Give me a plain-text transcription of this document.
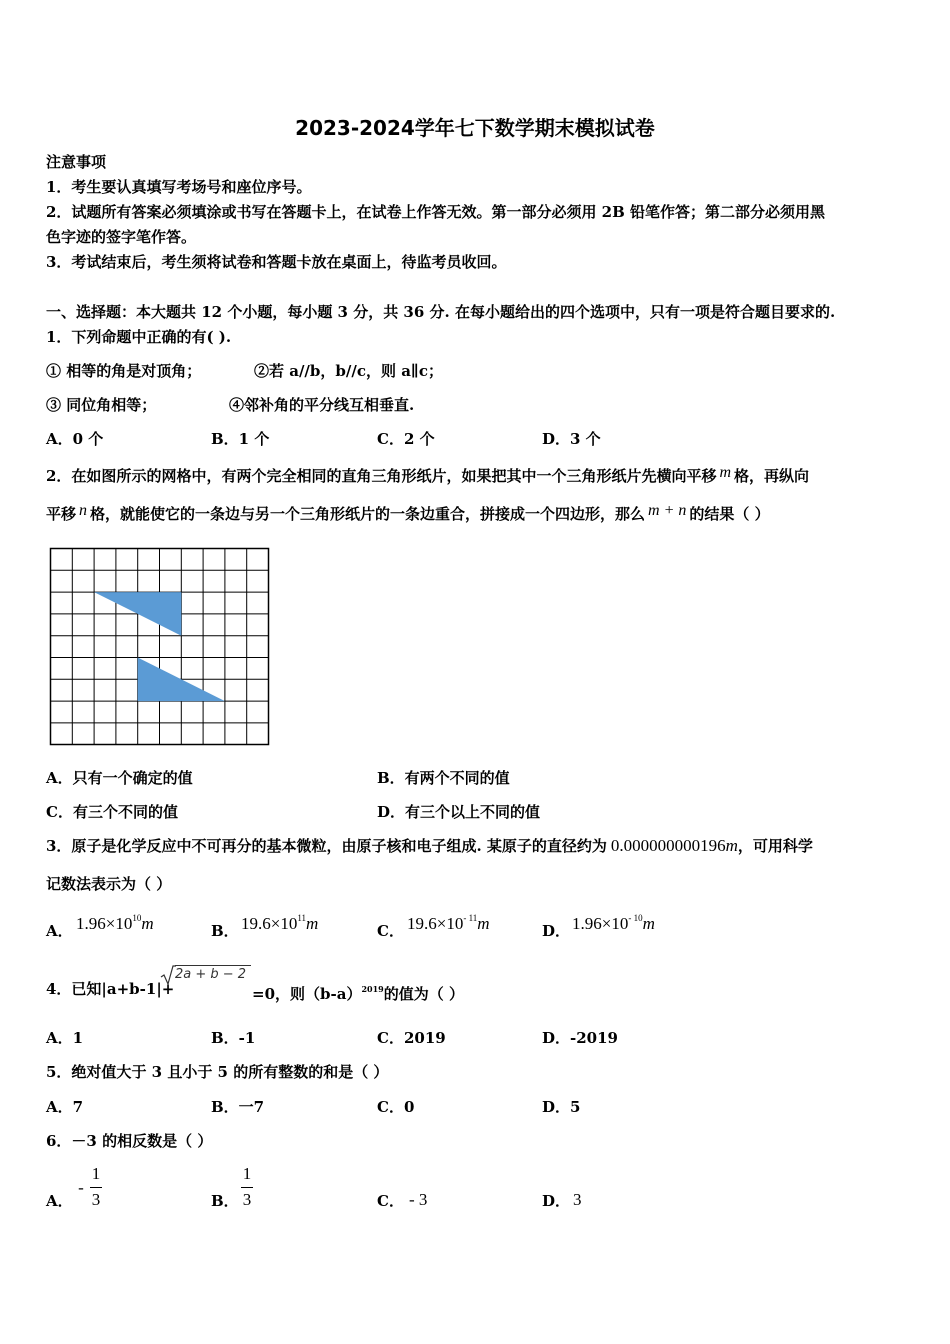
2023-2024学年七下数学期末模拟试卷
注意事项
1．考生要认真填写考场号和座位序号。
2．试题所有答案必须填涂或书写在答题卡上，在试卷上作答无效。第一部分必须用 2B 铅笔作答；第二部分必须用黑
色字迹的签字笔作答。
3．考试结束后，考生须将试卷和答题卡放在桌面上，待监考员收回。
一、选择题：本大题共 12 个小题，每小题 3 分，共 36 分. 在每小题给出的四个选项中，只有一项是符合题目要求的.
1．下列命题中正确的有( ).
① 相等的角是对顶角；	②若 a//b，b//c，则 a∥c；
③ 同位角相等；	④邻补角的平分线互相垂直.
A．0 个	B．1 个	C．2 个	D．3 个
2．在如图所示的网格中，有两个完全相同的直角三角形纸片，如果把其中一个三角形纸片先横向平移 m 格，再纵向
平移 n 格，就能使它的一条边与另一个三角形纸片的一条边重合，拼接成一个四边形，那么 m + n 的结果（ ）
A．只有一个确定的值	B．有两个不同的值
C．有三个不同的值	D．有三个以上不同的值
3．原子是化学反应中不可再分的基本微粒，由原子核和电子组成. 某原子的直径约为 0.000000000196m，可用科学
记数法表示为（ ）
A． $1.96\times 10^{10}m$	B． $19.6\times 10^{11}m$	C． $19.6\times 10^{- 11}m$	D． $1.96\times 10^{- 10}m$
4．已知|a+b-1|+
2a + b − 2
=0，则$(b-a)^{2019}$的值为（ ）
A．1	B．-1	C．2019	D．-2019
5．绝对值大于 3 且小于 5 的所有整数的和是（ ）
A．7	B．一7	C．0	D．5
6．－3 的相反数是（ ）
A．
-
1
3	B．
1
3	C． - 3	D． 3
